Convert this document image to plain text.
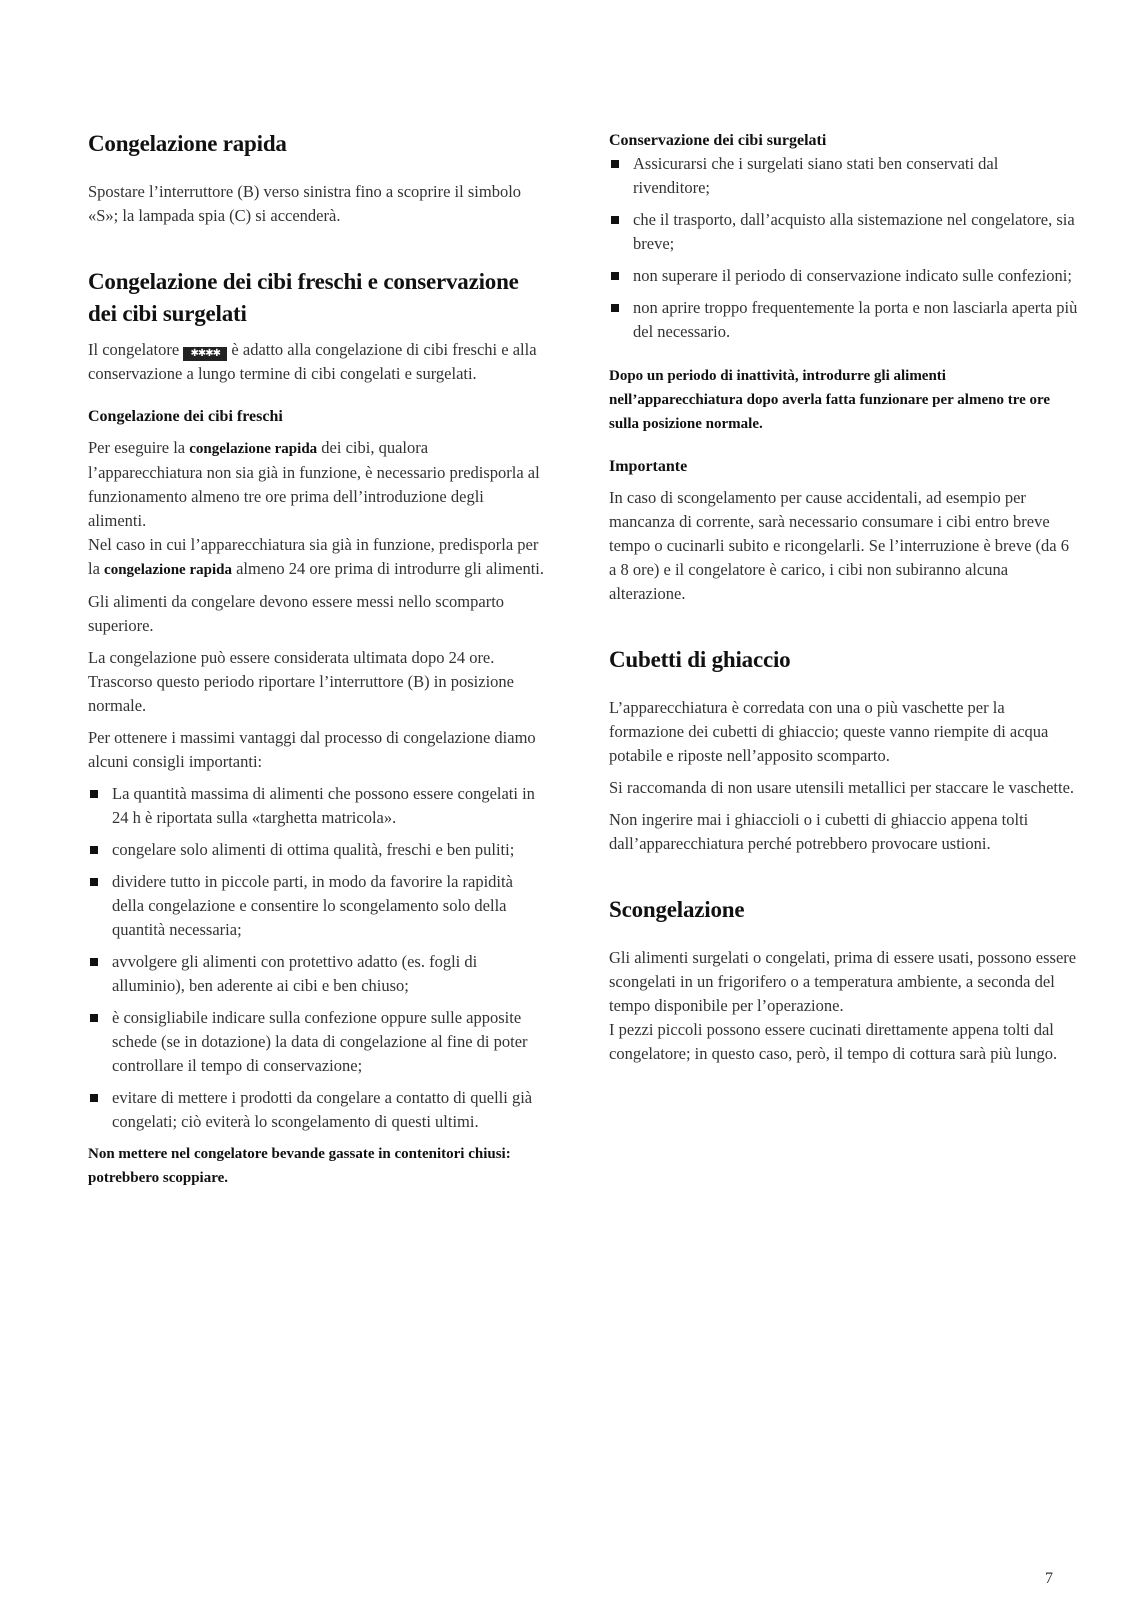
Congelazione rapida

Spostare l’interruttore (B) verso sinistra fino a scoprire il simbolo «S»; la lampada spia (C) si accenderà.

Congelazione dei cibi freschi e conservazione dei cibi surgelati

Il congelatore ✱✱✱✱ è adatto alla congelazione di cibi freschi e alla conservazione a lungo termine di cibi congelati e surgelati.

Congelazione dei cibi freschi

Per eseguire la congelazione rapida dei cibi, qualora l’apparecchiatura non sia già in funzione, è necessario predisporla al funzionamento almeno tre ore prima dell’introduzione degli alimenti.

Nel caso in cui l’apparecchiatura sia già in funzione, predisporla per la congelazione rapida almeno 24 ore prima di introdurre gli alimenti.

Gli alimenti da congelare devono essere messi nello scomparto superiore.

La congelazione può essere considerata ultimata dopo 24 ore. Trascorso questo periodo riportare l’interruttore (B) in posizione normale.

Per ottenere i massimi vantaggi dal processo di congelazione diamo alcuni consigli importanti:

La quantità massima di alimenti che possono essere congelati in 24 h è riportata sulla «targhetta matricola».
congelare solo alimenti di ottima qualità, freschi e ben puliti;
dividere tutto in piccole parti, in modo da favorire la rapidità della congelazione e consentire lo scongelamento solo della quantità necessaria;
avvolgere gli alimenti con protettivo adatto (es. fogli di alluminio), ben aderente ai cibi e ben chiuso;
è consigliabile indicare sulla confezione oppure sulle apposite schede (se in dotazione) la data di congelazione al fine di poter controllare il tempo di conservazione;
evitare di mettere i prodotti da congelare a contatto di quelli già congelati; ciò eviterà lo scongelamento di questi ultimi.

Non mettere nel congelatore bevande gassate in contenitori chiusi: potrebbero scoppiare.

Conservazione dei cibi surgelati
Assicurarsi che i surgelati siano stati ben conservati dal rivenditore;
che il trasporto, dall’acquisto alla sistemazione nel congelatore, sia breve;
non superare il periodo di conservazione indicato sulle confezioni;
non aprire troppo frequentemente la porta e non lasciarla aperta più del necessario.

Dopo un periodo di inattività, introdurre gli alimenti nell’apparecchiatura dopo averla fatta funzionare per almeno tre ore sulla posizione normale.

Importante

In caso di scongelamento per cause accidentali, ad esempio per mancanza di corrente, sarà necessario consumare i cibi entro breve tempo o cucinarli subito e ricongelarli. Se l’interruzione è breve (da 6 a 8 ore) e il congelatore è carico, i cibi non subiranno alcuna alterazione.

Cubetti di ghiaccio

L’apparecchiatura è corredata con una o più vaschette per la formazione dei cubetti di ghiaccio; queste vanno riempite di acqua potabile e riposte nell’apposito scomparto.

Si raccomanda di non usare utensili metallici per staccare le vaschette.

Non ingerire mai i ghiaccioli o i cubetti di ghiaccio appena tolti dall’apparecchiatura perché potrebbero provocare ustioni.

Scongelazione

Gli alimenti surgelati o congelati, prima di essere usati, possono essere scongelati in un frigorifero o a temperatura ambiente, a seconda del tempo disponibile per l’operazione.

I pezzi piccoli possono essere cucinati direttamente appena tolti dal congelatore; in questo caso, però, il tempo di cottura sarà più lungo.

7
